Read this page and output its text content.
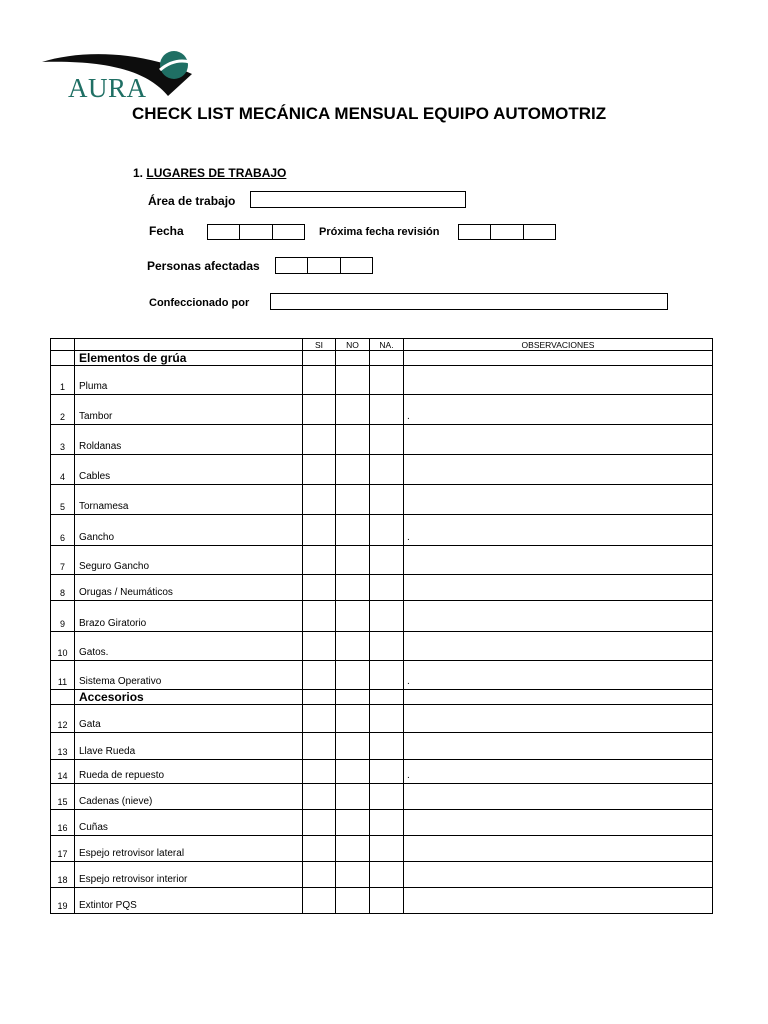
AURA
CHECK LIST MECÁNICA MENSUAL EQUIPO AUTOMOTRIZ
1. LUGARES DE TRABAJO
Área de trabajo
Fecha	Próxima fecha revisión
Personas afectadas
Confeccionado por
		SI	NO	NA.	OBSERVACIONES
	Elementos de grúa				
1	Pluma				
2	Tambor				.
3	Roldanas				
4	Cables				
5	Tornamesa				
6	Gancho				.
7	Seguro Gancho				
8	Orugas / Neumáticos				
9	Brazo Giratorio				
10	Gatos.				
11	Sistema Operativo				.
	Accesorios				
12	Gata				
13	Llave Rueda				
14	Rueda de repuesto				.
15	Cadenas (nieve)				
16	Cuñas				
17	Espejo retrovisor lateral				
18	Espejo retrovisor interior				
19	Extintor PQS				
